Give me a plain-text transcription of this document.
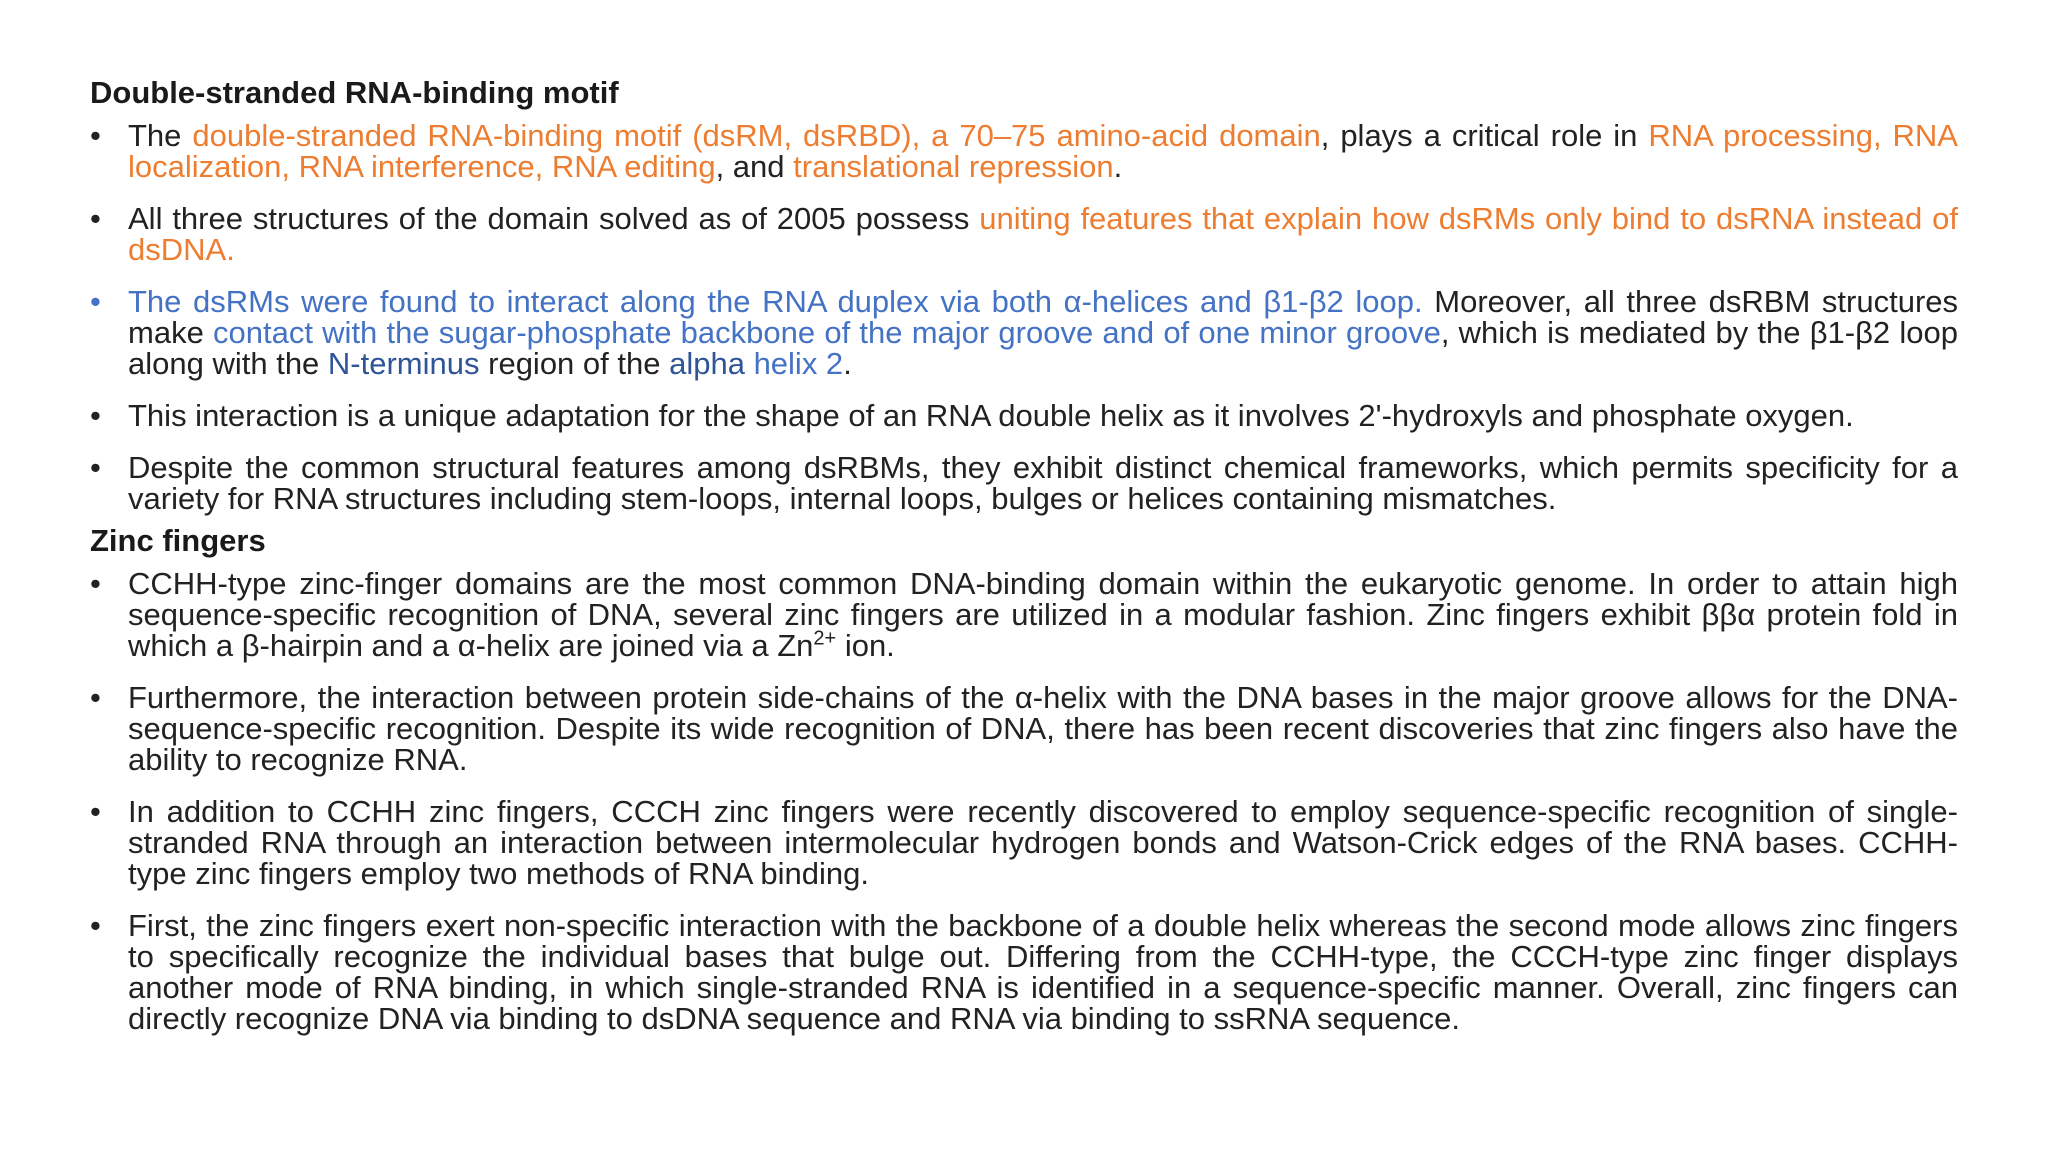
Double-stranded RNA-binding motif
• The double-stranded RNA-binding motif (dsRM, dsRBD), a 70–75 amino-acid domain, plays a critical role in RNA processing, RNA localization, RNA interference, RNA editing, and translational repression.
• All three structures of the domain solved as of 2005 possess uniting features that explain how dsRMs only bind to dsRNA instead of dsDNA.
• The dsRMs were found to interact along the RNA duplex via both α-helices and β1-β2 loop. Moreover, all three dsRBM structures make contact with the sugar-phosphate backbone of the major groove and of one minor groove, which is mediated by the β1-β2 loop along with the N-terminus region of the alpha helix 2.
• This interaction is a unique adaptation for the shape of an RNA double helix as it involves 2'-hydroxyls and phosphate oxygen.
• Despite the common structural features among dsRBMs, they exhibit distinct chemical frameworks, which permits specificity for a variety for RNA structures including stem-loops, internal loops, bulges or helices containing mismatches.
Zinc fingers
• CCHH-type zinc-finger domains are the most common DNA-binding domain within the eukaryotic genome. In order to attain high sequence-specific recognition of DNA, several zinc fingers are utilized in a modular fashion. Zinc fingers exhibit ββα protein fold in which a β-hairpin and a α-helix are joined via a $Zn^{2+}$ ion.
• Furthermore, the interaction between protein side-chains of the α-helix with the DNA bases in the major groove allows for the DNA-sequence-specific recognition. Despite its wide recognition of DNA, there has been recent discoveries that zinc fingers also have the ability to recognize RNA.
• In addition to CCHH zinc fingers, CCCH zinc fingers were recently discovered to employ sequence-specific recognition of single-stranded RNA through an interaction between intermolecular hydrogen bonds and Watson-Crick edges of the RNA bases. CCHH-type zinc fingers employ two methods of RNA binding.
• First, the zinc fingers exert non-specific interaction with the backbone of a double helix whereas the second mode allows zinc fingers to specifically recognize the individual bases that bulge out. Differing from the CCHH-type, the CCCH-type zinc finger displays another mode of RNA binding, in which single-stranded RNA is identified in a sequence-specific manner. Overall, zinc fingers can directly recognize DNA via binding to dsDNA sequence and RNA via binding to ssRNA sequence.
